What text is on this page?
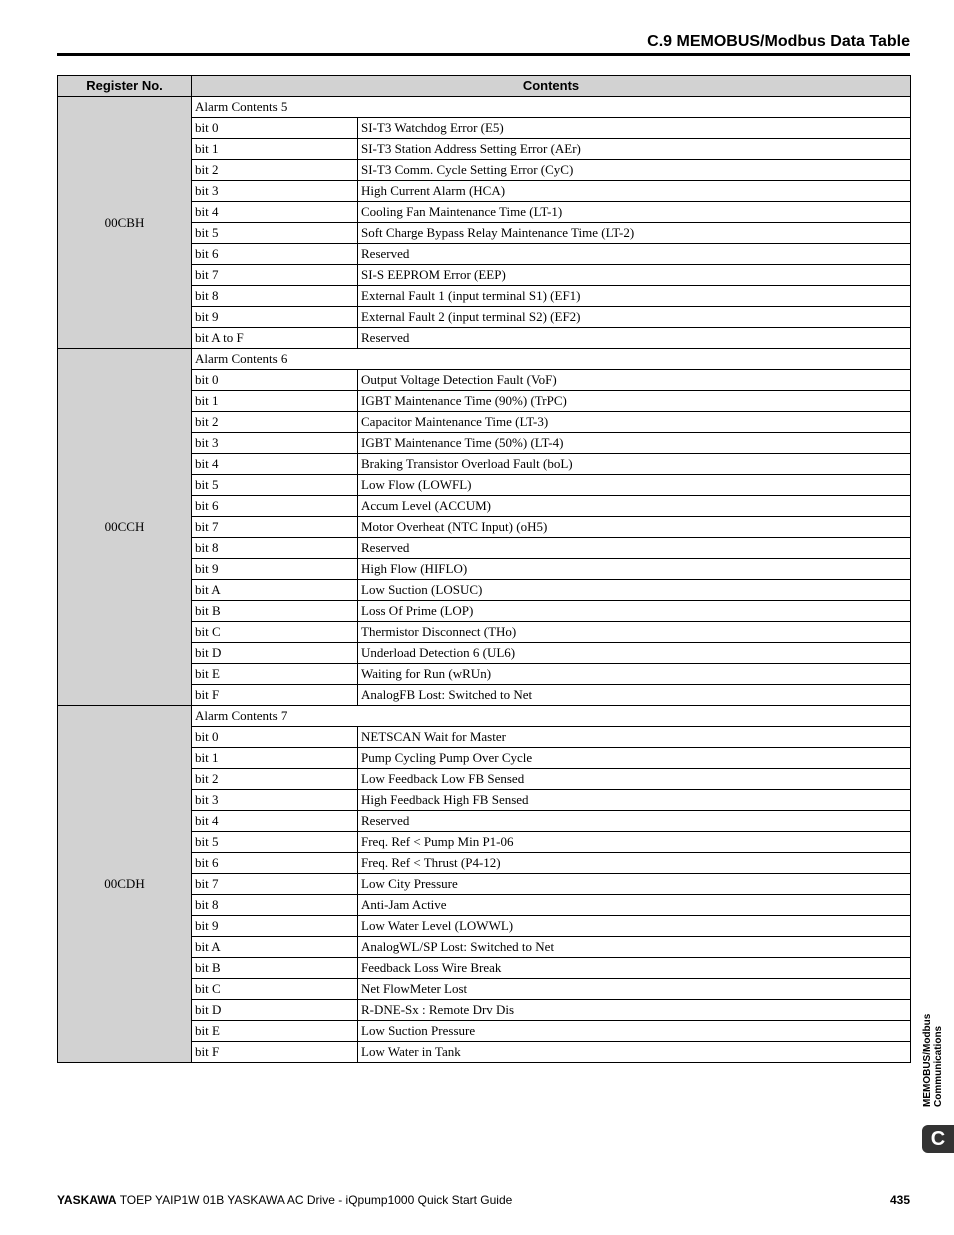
C.9 MEMOBUS/Modbus Data Table
Register No.	Contents	
00CBH	Alarm Contents 5	
	bit 0	SI-T3 Watchdog Error (E5)
	bit 1	SI-T3 Station Address Setting Error (AEr)
	bit 2	SI-T3 Comm. Cycle Setting Error (CyC)
	bit 3	High Current Alarm (HCA)
	bit 4	Cooling Fan Maintenance Time (LT-1)
	bit 5	Soft Charge Bypass Relay Maintenance Time (LT-2)
	bit 6	Reserved
	bit 7	SI-S EEPROM Error (EEP)
	bit 8	External Fault 1 (input terminal S1) (EF1)
	bit 9	External Fault 2 (input terminal S2) (EF2)
	bit A to F	Reserved
00CCH	Alarm Contents 6	
	bit 0	Output Voltage Detection Fault (VoF)
	bit 1	IGBT Maintenance Time (90%) (TrPC)
	bit 2	Capacitor Maintenance Time (LT-3)
	bit 3	IGBT Maintenance Time (50%) (LT-4)
	bit 4	Braking Transistor Overload Fault (boL)
	bit 5	Low Flow (LOWFL)
	bit 6	Accum Level (ACCUM)
	bit 7	Motor Overheat (NTC Input) (oH5)
	bit 8	Reserved
	bit 9	High Flow (HIFLO)
	bit A	Low Suction (LOSUC)
	bit B	Loss Of Prime (LOP)
	bit C	Thermistor Disconnect (THo)
	bit D	Underload Detection 6 (UL6)
	bit E	Waiting for Run (wRUn)
	bit F	AnalogFB Lost: Switched to Net
00CDH	Alarm Contents 7	
	bit 0	NETSCAN Wait for Master
	bit 1	Pump Cycling Pump Over Cycle
	bit 2	Low Feedback Low FB Sensed
	bit 3	High Feedback High FB Sensed
	bit 4	Reserved
	bit 5	Freq. Ref < Pump Min P1-06
	bit 6	Freq. Ref < Thrust (P4-12)
	bit 7	Low City Pressure
	bit 8	Anti-Jam Active
	bit 9	Low Water Level (LOWWL)
	bit A	AnalogWL/SP Lost: Switched to Net
	bit B	Feedback Loss Wire Break
	bit C	Net FlowMeter Lost
	bit D	R-DNE-Sx : Remote Drv Dis
	bit E	Low Suction Pressure
	bit F	Low Water in Tank	MEMOBUS/Modbus Communications
C
YASKAWA TOEP YAIP1W 01B YASKAWA AC Drive - iQpump1000 Quick Start Guide	435
